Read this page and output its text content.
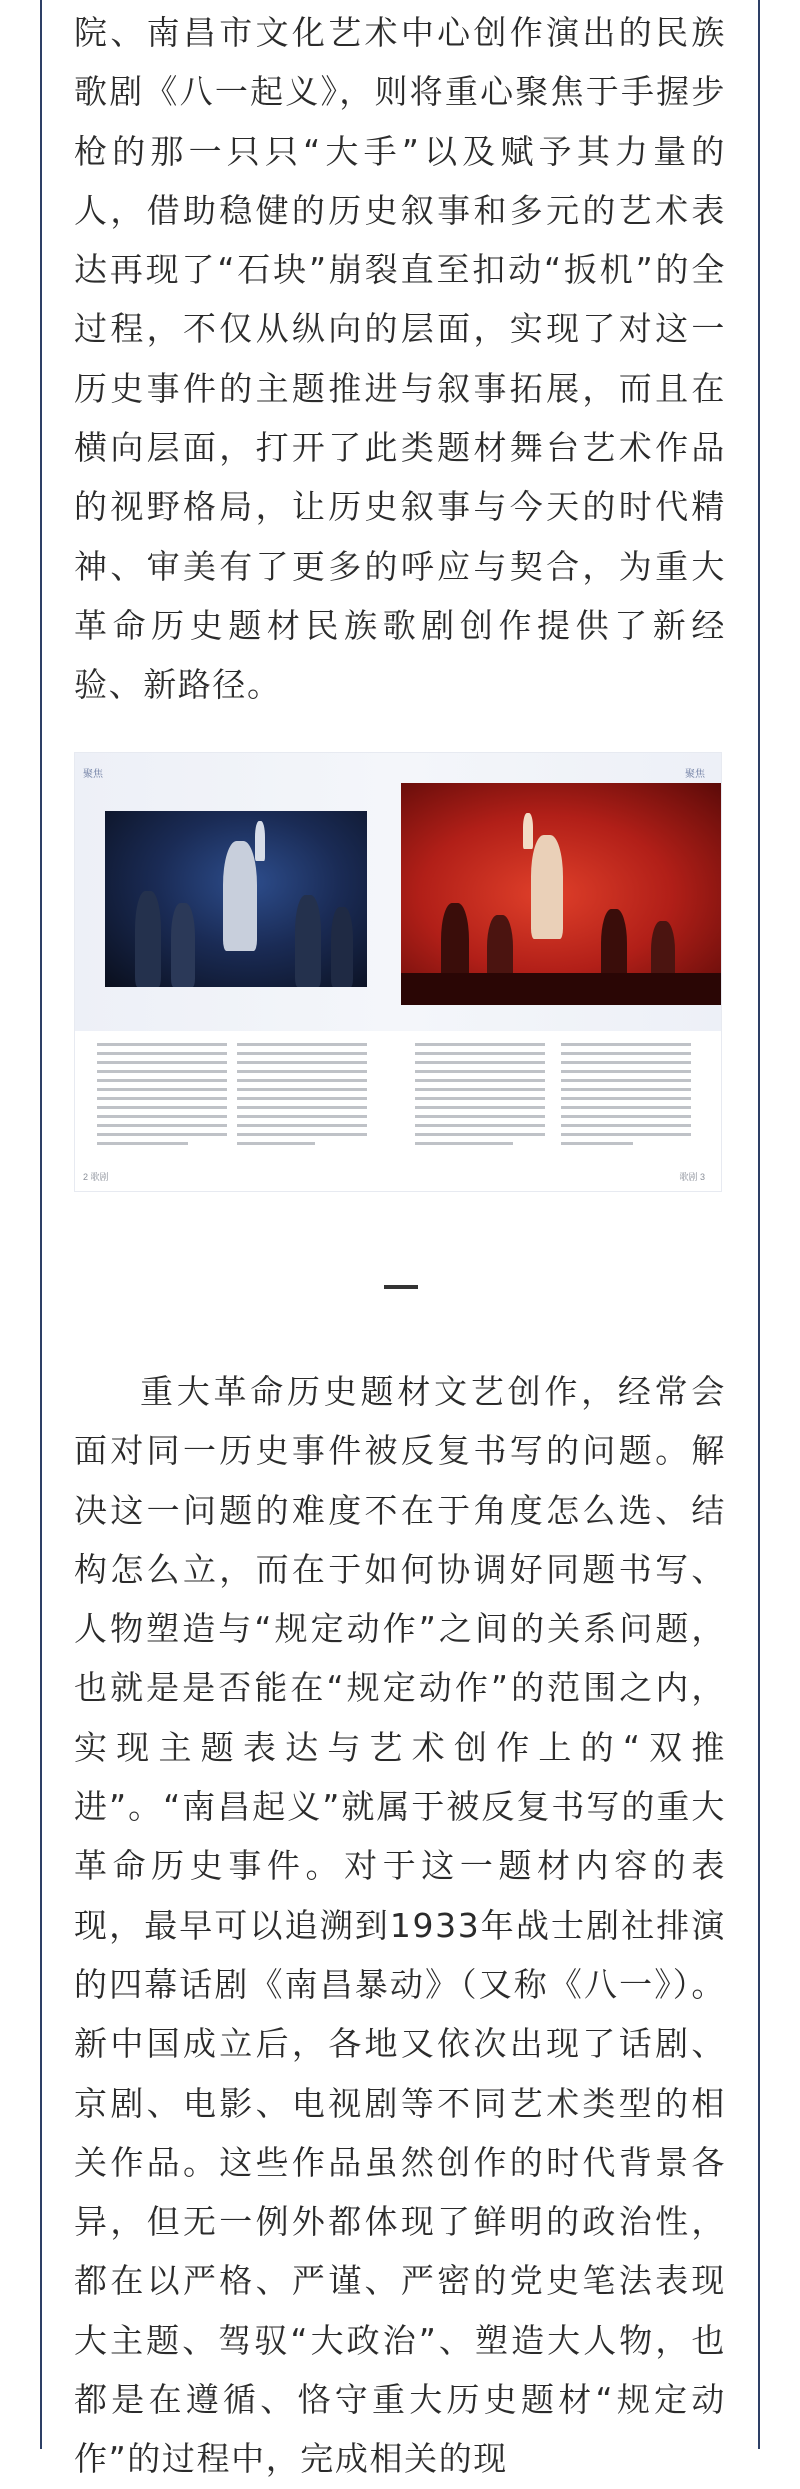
院、南昌市文化艺术中心创作演出的民族歌剧《八一起义》，则将重心聚焦于手握步枪的那一只只“大手”以及赋予其力量的人，借助稳健的历史叙事和多元的艺术表达再现了“石块”崩裂直至扣动“扳机”的全过程，不仅从纵向的层面，实现了对这一历史事件的主题推进与叙事拓展，而且在横向层面，打开了此类题材舞台艺术作品的视野格局，让历史叙事与今天的时代精神、审美有了更多的呼应与契合，为重大革命历史题材民族歌剧创作提供了新经验、新路径。

聚焦	聚焦
2 歌剧	歌剧 3

重大革命历史题材文艺创作，经常会面对同一历史事件被反复书写的问题。解决这一问题的难度不在于角度怎么选、结构怎么立，而在于如何协调好同题书写、人物塑造与“规定动作”之间的关系问题，也就是是否能在“规定动作”的范围之内，实现主题表达与艺术创作上的“双推进”。“南昌起义”就属于被反复书写的重大革命历史事件。对于这一题材内容的表现，最早可以追溯到1933年战士剧社排演的四幕话剧《南昌暴动》（又称《八一》）。新中国成立后，各地又依次出现了话剧、京剧、电影、电视剧等不同艺术类型的相关作品。这些作品虽然创作的时代背景各异，但无一例外都体现了鲜明的政治性，都在以严格、严谨、严密的党史笔法表现大主题、驾驭“大政治”、塑造大人物，也都是在遵循、恪守重大历史题材“规定动作”的过程中，完成相关的现
